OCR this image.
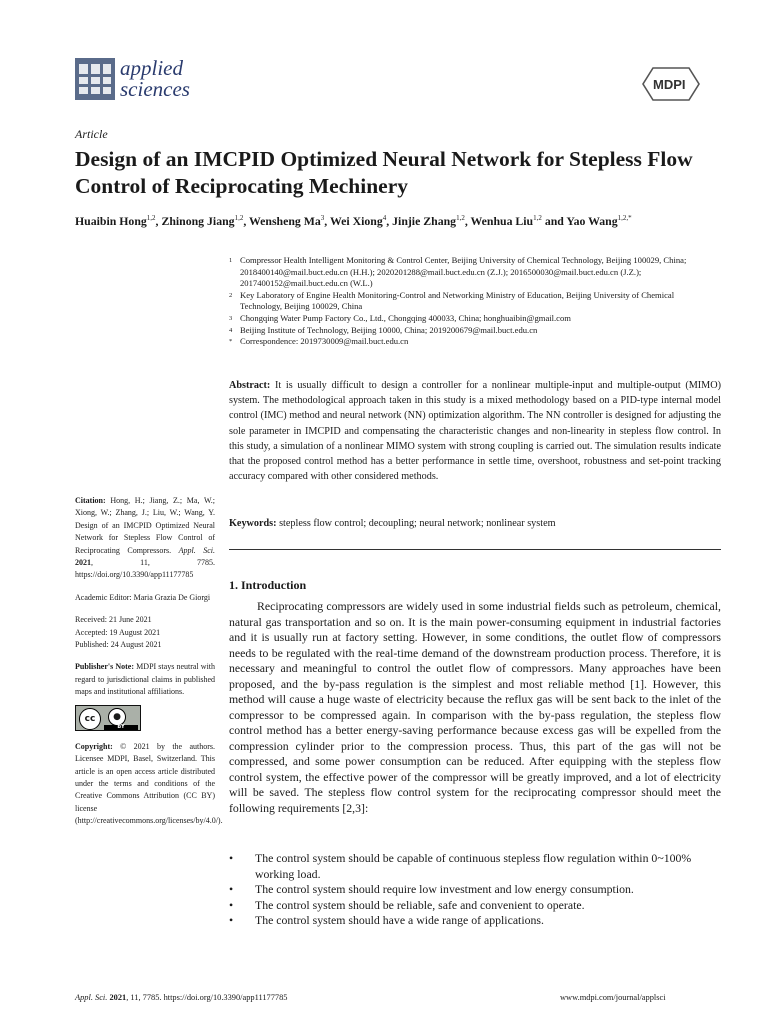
applied
sciences	MDPI
Article
Design of an IMCPID Optimized Neural Network for Stepless Flow Control of Reciprocating Mechinery
Huaibin Hong$^{1,2}$, Zhinong Jiang$^{1,2}$, Wensheng Ma$^3$, Wei Xiong$^4$, Jinjie Zhang$^{1,2}$, Wenhua Liu$^{1,2}$ and Yao Wang$^{1,2,*}$
1 Compressor Health Intelligent Monitoring & Control Center, Beijing University of Chemical Technology, Beijing 100029, China; 2018400140@mail.buct.edu.cn (H.H.); 2020201288@mail.buct.edu.cn (Z.J.); 2016500030@mail.buct.edu.cn (J.Z.); 2017400152@mail.buct.edu.cn (W.L.)
2 Key Laboratory of Engine Health Monitoring-Control and Networking Ministry of Education, Beijing University of Chemical Technology, Beijing 100029, China
3 Chongqing Water Pump Factory Co., Ltd., Chongqing 400033, China; honghuaibin@gmail.com
4 Beijing Institute of Technology, Beijing 10000, China; 2019200679@mail.buct.edu.cn
* Correspondence: 2019730009@mail.buct.edu.cn
Abstract: It is usually difficult to design a controller for a nonlinear multiple-input and multiple-output (MIMO) system. The methodological approach taken in this study is a mixed methodology based on a PID-type internal model control (IMC) method and neural network (NN) optimization algorithm. The NN controller is designed for adjusting the sole parameter in IMCPID and compensating the characteristic changes and non-linearity in stepless flow control. In this study, a simulation of a nonlinear MIMO system with strong coupling is carried out. The simulation results indicate that the proposed control method has a better performance in settle time, overshoot, robustness and set-point tracking accuracy compared with other considered methods.
Keywords: stepless flow control; decoupling; neural network; nonlinear system

Citation: Hong, H.; Jiang, Z.; Ma, W.; Xiong, W.; Zhang, J.; Liu, W.; Wang, Y. Design of an IMCPID Optimized Neural Network for Stepless Flow Control of Reciprocating Compressors. Appl. Sci. 2021, 11, 7785. https://doi.org/10.3390/app11177785

Academic Editor: Maria Grazia De Giorgi

Received: 21 June 2021

Accepted: 19 August 2021

Published: 24 August 2021

Publisher's Note: MDPI stays neutral with regard to jurisdictional claims in published maps and institutional affiliations.

cc	●
BY

Copyright: © 2021 by the authors. Licensee MDPI, Basel, Switzerland. This article is an open access article distributed under the terms and conditions of the Creative Commons Attribution (CC BY) license (http://creativecommons.org/licenses/by/4.0/).

1. Introduction

Reciprocating compressors are widely used in some industrial fields such as petroleum, chemical, natural gas transportation and so on. It is the main power-consuming equipment in industrial factories and it is usually run at factory setting. However, in some conditions, the outlet flow of compressors needs to be regulated with the real-time demand of the downstream production process. Therefore, it is necessary and meaningful to control the outlet flow of compressors. Many approaches have been proposed, and the by-pass regulation is the simplest and most reliable method [1]. However, this method will cause a huge waste of electricity because the reflux gas will be sent back to the inlet of the compressor to be compressed again. In comparison with the by-pass regulation, the stepless flow control method has a better energy-saving performance because excess gas will be expelled from the compression cylinder prior to the compression process. Thus, this part of the gas will not be compressed, and some power consumption can be reduced. After equipping with the stepless flow control system, the effective power of the compressor will be greatly improved, and a lot of electricity will be saved. The stepless flow control system for the reciprocating compressor should meet the following requirements [2,3]:

•	The control system should be capable of continuous stepless flow regulation within 0~100% working load.
•	The control system should require low investment and low energy consumption.
•	The control system should be reliable, safe and convenient to operate.
•	The control system should have a wide range of applications.
Appl. Sci. 2021, 11, 7785. https://doi.org/10.3390/app11177785	www.mdpi.com/journal/applsci
